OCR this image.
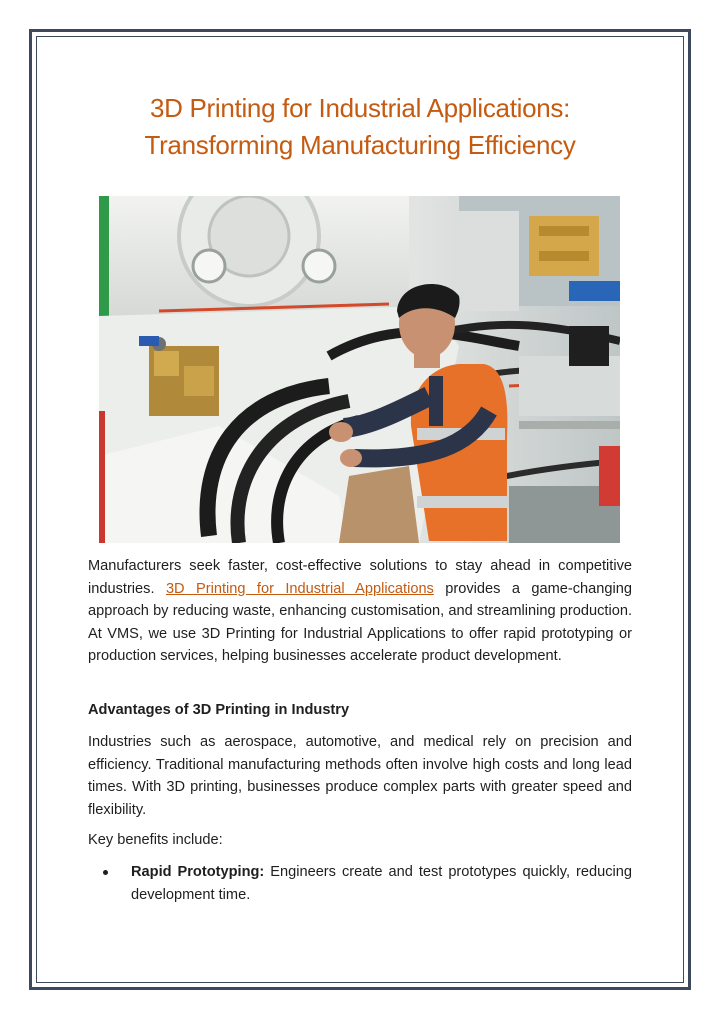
3D Printing for Industrial Applications:
Transforming Manufacturing Efficiency
Manufacturers seek faster, cost-effective solutions to stay ahead in competitive industries. 3D Printing for Industrial Applications provides a game-changing approach by reducing waste, enhancing customisation, and streamlining production. At VMS, we use 3D Printing for Industrial Applications to offer rapid prototyping or production services, helping businesses accelerate product development.
Advantages of 3D Printing in Industry
Industries such as aerospace, automotive, and medical rely on precision and efficiency. Traditional manufacturing methods often involve high costs and long lead times. With 3D printing, businesses produce complex parts with greater speed and flexibility.
Key benefits include:
Rapid Prototyping: Engineers create and test prototypes quickly, reducing development time.
